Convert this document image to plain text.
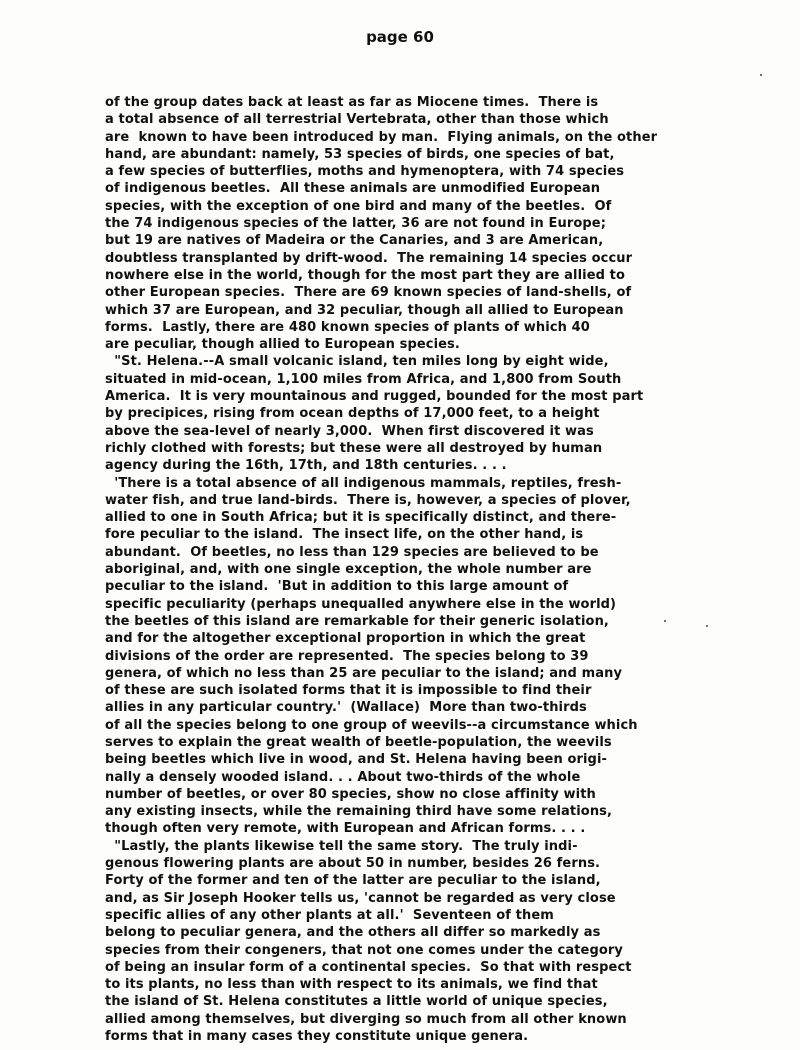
page 60
of the group dates back at least as far as Miocene times.  There is
a total absence of all terrestrial Vertebrata, other than those which
are  known to have been introduced by man.  Flying animals, on the other
hand, are abundant: namely, 53 species of birds, one species of bat,
a few species of butterflies, moths and hymenoptera, with 74 species
of indigenous beetles.  All these animals are unmodified European
species, with the exception of one bird and many of the beetles.  Of
the 74 indigenous species of the latter, 36 are not found in Europe;
but 19 are natives of Madeira or the Canaries, and 3 are American,
doubtless transplanted by drift-wood.  The remaining 14 species occur
nowhere else in the world, though for the most part they are allied to
other European species.  There are 69 known species of land-shells, of
which 37 are European, and 32 peculiar, though all allied to European
forms.  Lastly, there are 480 known species of plants of which 40
are peculiar, though allied to European species.
"St. Helena.--A small volcanic island, ten miles long by eight wide,
situated in mid-ocean, 1,100 miles from Africa, and 1,800 from South
America.  It is very mountainous and rugged, bounded for the most part
by precipices, rising from ocean depths of 17,000 feet, to a height
above the sea-level of nearly 3,000.  When first discovered it was
richly clothed with forests; but these were all destroyed by human
agency during the 16th, 17th, and 18th centuries. . . .
'There is a total absence of all indigenous mammals, reptiles, fresh-
water fish, and true land-birds.  There is, however, a species of plover,
allied to one in South Africa; but it is specifically distinct, and there-
fore peculiar to the island.  The insect life, on the other hand, is
abundant.  Of beetles, no less than 129 species are believed to be
aboriginal, and, with one single exception, the whole number are
peculiar to the island.  'But in addition to this large amount of
specific peculiarity (perhaps unequalled anywhere else in the world)
the beetles of this island are remarkable for their generic isolation,
and for the altogether exceptional proportion in which the great
divisions of the order are represented.  The species belong to 39
genera, of which no less than 25 are peculiar to the island; and many
of these are such isolated forms that it is impossible to find their
allies in any particular country.'  (Wallace)  More than two-thirds
of all the species belong to one group of weevils--a circumstance which
serves to explain the great wealth of beetle-population, the weevils
being beetles which live in wood, and St. Helena having been origi-
nally a densely wooded island. . . About two-thirds of the whole
number of beetles, or over 80 species, show no close affinity with
any existing insects, while the remaining third have some relations,
though often very remote, with European and African forms. . . .
"Lastly, the plants likewise tell the same story.  The truly indi-
genous flowering plants are about 50 in number, besides 26 ferns.
Forty of the former and ten of the latter are peculiar to the island,
and, as Sir Joseph Hooker tells us, 'cannot be regarded as very close
specific allies of any other plants at all.'  Seventeen of them
belong to peculiar genera, and the others all differ so markedly as
species from their congeners, that not one comes under the category
of being an insular form of a continental species.  So that with respect
to its plants, no less than with respect to its animals, we find that
the island of St. Helena constitutes a little world of unique species,
allied among themselves, but diverging so much from all other known
forms that in many cases they constitute unique genera.
